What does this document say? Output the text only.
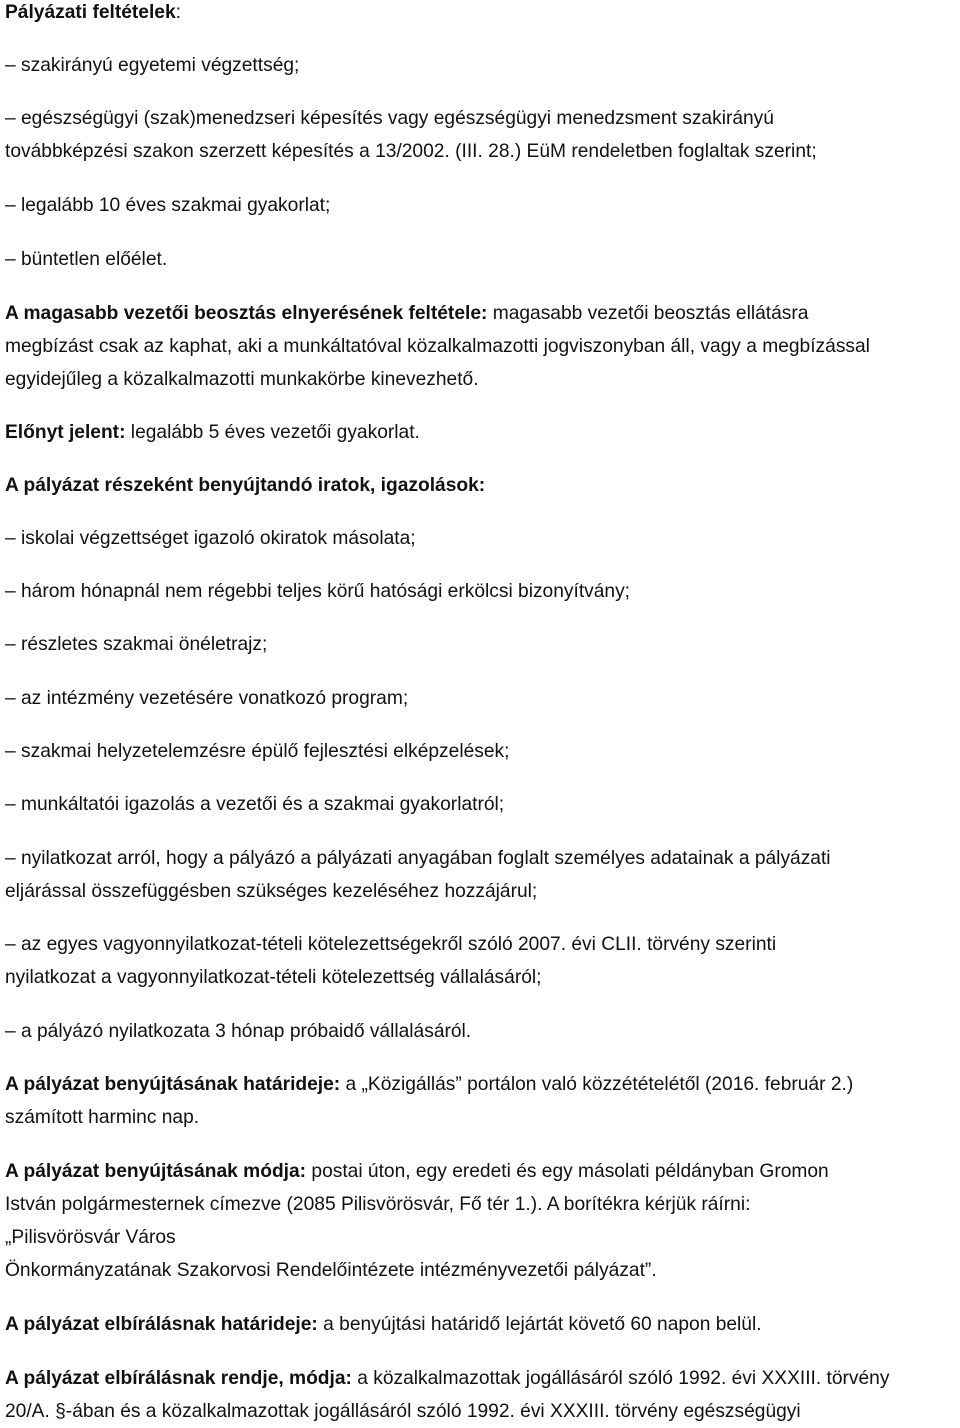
Pályázati feltételek:

– szakirányú egyetemi végzettség;

– egészségügyi (szak)menedzseri képesítés vagy egészségügyi menedzsment szakirányú

továbbképzési szakon szerzett képesítés a 13/2002. (III. 28.) EüM rendeletben foglaltak szerint;

– legalább 10 éves szakmai gyakorlat;

– büntetlen előélet.

A magasabb vezetői beosztás elnyerésének feltétele: magasabb vezetői beosztás ellátásra

megbízást csak az kaphat, aki a munkáltatóval közalkalmazotti jogviszonyban áll, vagy a megbízással

egyidejűleg a közalkalmazotti munkakörbe kinevezhető.

Előnyt jelent: legalább 5 éves vezetői gyakorlat.

A pályázat részeként benyújtandó iratok, igazolások:

– iskolai végzettséget igazoló okiratok másolata;

– három hónapnál nem régebbi teljes körű hatósági erkölcsi bizonyítvány;

– részletes szakmai önéletrajz;

– az intézmény vezetésére vonatkozó program;

– szakmai helyzetelemzésre épülő fejlesztési elképzelések;

– munkáltatói igazolás a vezetői és a szakmai gyakorlatról;

– nyilatkozat arról, hogy a pályázó a pályázati anyagában foglalt személyes adatainak a pályázati

eljárással összefüggésben szükséges kezeléséhez hozzájárul;

– az egyes vagyonnyilatkozat-tételi kötelezettségekről szóló 2007. évi CLII. törvény szerinti

nyilatkozat a vagyonnyilatkozat-tételi kötelezettség vállalásáról;

– a pályázó nyilatkozata 3 hónap próbaidő vállalásáról.

A pályázat benyújtásának határideje: a „Közigállás” portálon való közzétételétől (2016. február 2.)

számított harminc nap.

A pályázat benyújtásának módja: postai úton, egy eredeti és egy másolati példányban Gromon

István polgármesternek címezve (2085 Pilisvörösvár, Fő tér 1.). A borítékra kérjük ráírni:

„Pilisvörösvár Város

Önkormányzatának Szakorvosi Rendelőintézete intézményvezetői pályázat”.

A pályázat elbírálásnak határideje: a benyújtási határidő lejártát követő 60 napon belül.

A pályázat elbírálásnak rendje, módja: a közalkalmazottak jogállásáról szóló 1992. évi XXXIII. törvény

20/A. §-ában és a közalkalmazottak jogállásáról szóló 1992. évi XXXIII. törvény egészségügyi
